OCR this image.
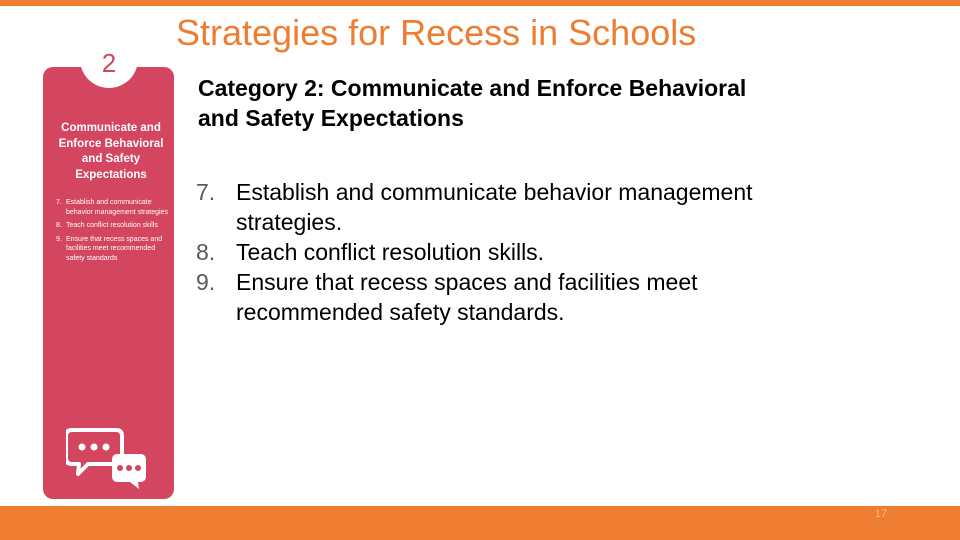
Strategies for Recess in Schools
2
Communicate and Enforce Behavioral and Safety Expectations
7. Establish and communicate behavior management strategies
8. Teach conflict resolution skills
9. Ensure that recess spaces and facilities meet recommended safety standards
Category 2: Communicate and Enforce Behavioral and Safety Expectations
7. Establish and communicate behavior management strategies.
8. Teach conflict resolution skills.
9. Ensure that recess spaces and facilities meet recommended safety standards.
17
